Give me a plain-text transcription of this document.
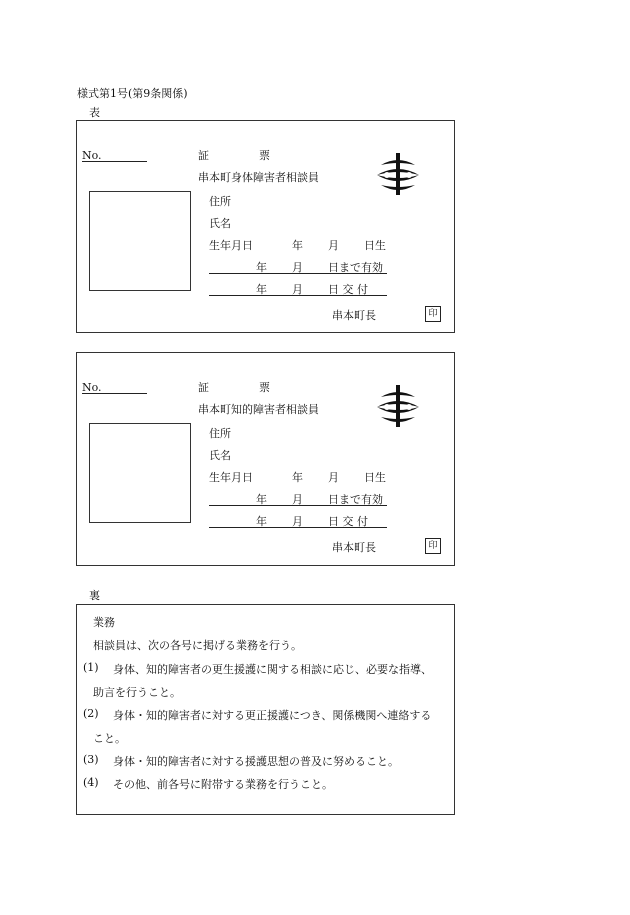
様式第1号(第9条関係)
表
No.	証	票
串本町身体障害者相談員
住所
氏名
生年月日	年 月 日生
年 月 日まで有効
年 月 日 交 付
串本町長	印
No.	証	票
串本町知的障害者相談員
住所
氏名
生年月日	年 月 日生
年 月 日まで有効
年 月 日 交 付
串本町長	印
裏
業務
相談員は、次の各号に掲げる業務を行う。
(1) 身体、知的障害者の更生援護に関する相談に応じ、必要な指導、
助言を行うこと。
(2) 身体・知的障害者に対する更正援護につき、関係機関へ連絡する
こと。
(3) 身体・知的障害者に対する援護思想の普及に努めること。
(4) その他、前各号に附帯する業務を行うこと。
